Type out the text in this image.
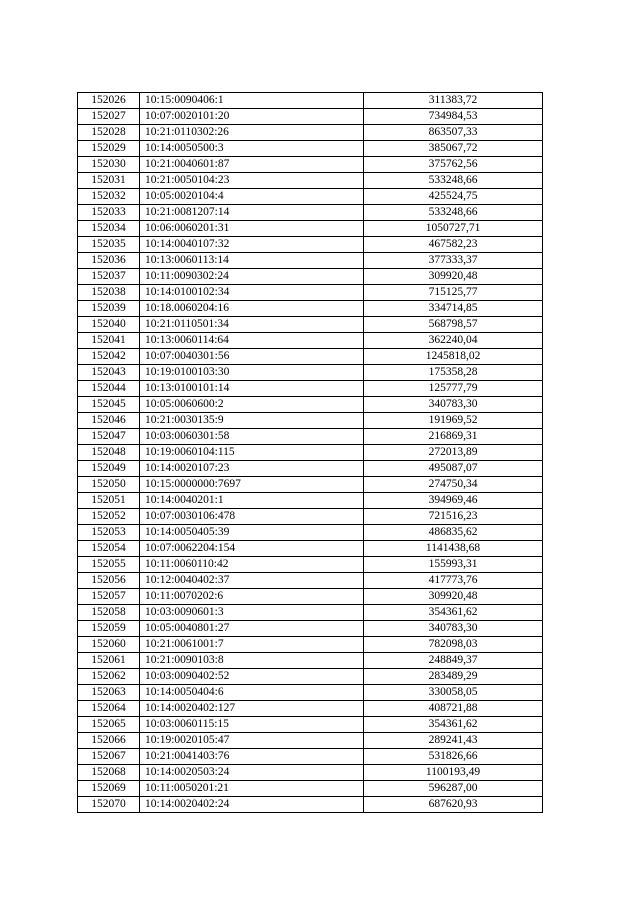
152026	10:15:0090406:1	311383,72
152027	10:07:0020101:20	734984,53
152028	10:21:0110302:26	863507,33
152029	10:14:0050500:3	385067,72
152030	10:21:0040601:87	375762,56
152031	10:21:0050104:23	533248,66
152032	10:05:0020104:4	425524,75
152033	10:21:0081207:14	533248,66
152034	10:06:0060201:31	1050727,71
152035	10:14:0040107:32	467582,23
152036	10:13:0060113:14	377333,37
152037	10:11:0090302:24	309920,48
152038	10:14:0100102:34	715125,77
152039	10:18.0060204:16	334714,85
152040	10:21:0110501:34	568798,57
152041	10:13:0060114:64	362240,04
152042	10:07:0040301:56	1245818,02
152043	10:19:0100103:30	175358,28
152044	10:13:0100101:14	125777,79
152045	10:05:0060600:2	340783,30
152046	10:21:0030135:9	191969,52
152047	10:03:0060301:58	216869,31
152048	10:19:0060104:115	272013,89
152049	10:14:0020107:23	495087,07
152050	10:15:0000000:7697	274750,34
152051	10:14:0040201:1	394969,46
152052	10:07:0030106:478	721516,23
152053	10:14:0050405:39	486835,62
152054	10:07:0062204:154	1141438,68
152055	10:11:0060110:42	155993,31
152056	10:12:0040402:37	417773,76
152057	10:11:0070202:6	309920,48
152058	10:03:0090601:3	354361,62
152059	10:05:0040801:27	340783,30
152060	10:21:0061001:7	782098,03
152061	10:21:0090103:8	248849,37
152062	10:03:0090402:52	283489,29
152063	10:14:0050404:6	330058,05
152064	10:14:0020402:127	408721,88
152065	10:03:0060115:15	354361,62
152066	10:19:0020105:47	289241,43
152067	10:21:0041403:76	531826,66
152068	10:14:0020503:24	1100193,49
152069	10:11:0050201:21	596287,00
152070	10:14:0020402:24	687620,93
